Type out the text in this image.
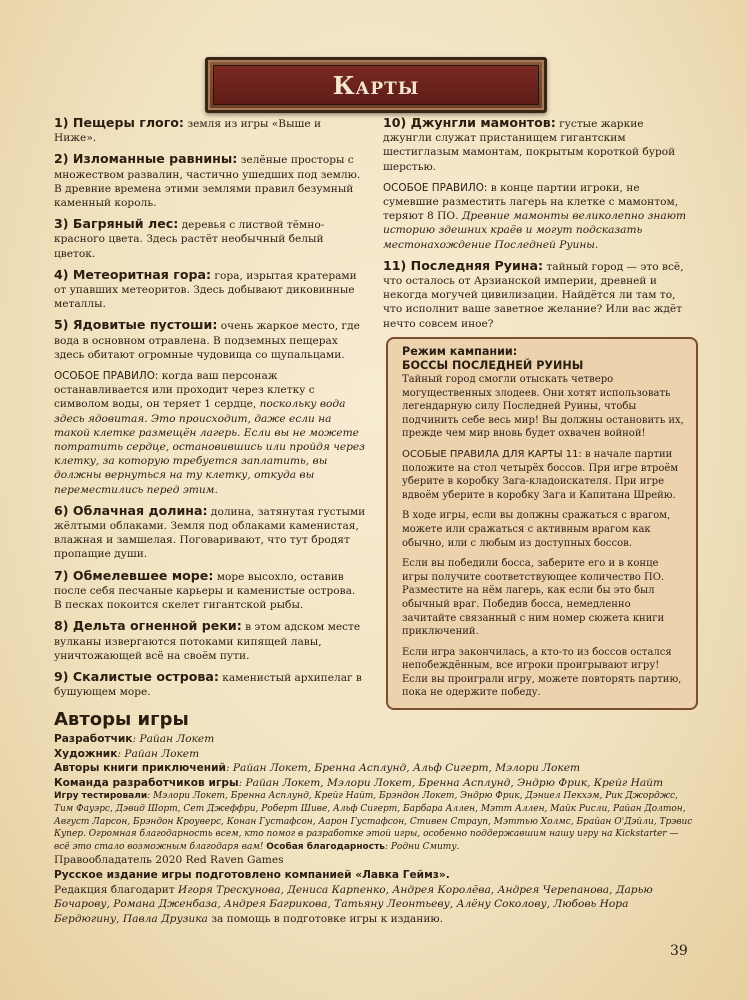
Карты

1) Пещеры глого: земля из игры «Выше и Ниже».

2) Изломанные равнины: зелёные просторы с множеством развалин, частично ушедших под землю. В древние времена этими землями правил безумный каменный король.

3) Багряный лес: деревья с листвой тёмно-красного цвета. Здесь растёт необычный белый цветок.

4) Метеоритная гора: гора, изрытая кратерами от упавших метеоритов. Здесь добывают диковинные металлы.

5) Ядовитые пустоши: очень жаркое место, где вода в основном отравлена. В подземных пещерах здесь обитают огромные чудовища со щупальцами.

ОСОБОЕ ПРАВИЛО: когда ваш персонаж останавливается или проходит через клетку с символом воды, он теряет 1 сердце, поскольку вода здесь ядовитая. Это происходит, даже если на такой клетке размещён лагерь. Если вы не можете потратить сердце, остановившись или пройдя через клетку, за которую требуется заплатить, вы должны вернуться на ту клетку, откуда вы переместились перед этим.

6) Облачная долина: долина, затянутая густыми жёлтыми облаками. Земля под облаками каменистая, влажная и замшелая. Поговаривают, что тут бродят пропащие души.

7) Обмелевшее море: море высохло, оставив после себя песчаные карьеры и каменистые острова. В песках покоится скелет гигантской рыбы.

8) Дельта огненной реки: в этом адском месте вулканы извергаются потоками кипящей лавы, уничтожающей всё на своём пути.

9) Скалистые острова: каменистый архипелаг в бушующем море.

10) Джунгли мамонтов: густые жаркие джунгли служат пристанищем гигантским шестиглазым мамонтам, покрытым короткой бурой шерстью.

ОСОБОЕ ПРАВИЛО: в конце партии игроки, не сумевшие разместить лагерь на клетке с мамонтом, теряют 8 ПО. Древние мамонты великолепно знают историю здешних краёв и могут подсказать местонахождение Последней Руины.

11) Последняя Руина: тайный город — это всё, что осталось от Арзианской империи, древней и некогда могучей цивилизации. Найдётся ли там то, что исполнит ваше заветное желание? Или вас ждёт нечто совсем иное?

Режим кампании:
БОССЫ ПОСЛЕДНЕЙ РУИНЫ

Тайный город смогли отыскать четверо могущественных злодеев. Они хотят использовать легендарную силу Последней Руины, чтобы подчинить себе весь мир! Вы должны остановить их, прежде чем мир вновь будет охвачен войной!

ОСОБЫЕ ПРАВИЛА ДЛЯ КАРТЫ 11: в начале партии положите на стол четырёх боссов. При игре втроём уберите в коробку Зага-кладоискателя. При игре вдвоём уберите в коробку Зага и Капитана Шрейю.

В ходе игры, если вы должны сражаться с врагом, можете или сражаться с активным врагом как обычно, или с любым из доступных боссов.

Если вы победили босса, заберите его и в конце игры получите соответствующее количество ПО. Разместите на нём лагерь, как если бы это был обычный враг. Победив босса, немедленно зачитайте связанный с ним номер сюжета книги приключений.

Если игра закончилась, а кто-то из боссов остался непобеждённым, все игроки проигрывают игру! Если вы проиграли игру, можете повторять партию, пока не одержите победу.

Авторы игры

Разработчик: Райан Локет

Художник: Райан Локет

Авторы книги приключений: Райан Локет, Бренна Асплунд, Альф Сигерт, Мэлори Локет

Команда разработчиков игры: Райан Локет, Мэлори Локет, Бренна Асплунд, Эндрю Фрик, Крейг Найт

Игру тестировали: Мэлори Локет, Бренна Асплунд, Крейг Найт, Брэндон Локет, Эндрю Фрик, Дэниел Пекхэм, Рик Джорджс, Тим Фауэрс, Дэвид Шорт, Сет Джеффри, Роберт Шиве, Альф Сигерт, Барбара Аллен, Мэтт Аллен, Майк Рисли, Райан Долтон, Август Ларсон, Брэндон Кроуверс, Конан Густафсон, Аарон Густафсон, Стивен Страуп, Мэттью Холмс, Брайан О'Дэйли, Трэвис Купер. Огромная благодарность всем, кто помог в разработке этой игры, особенно поддержавшим нашу игру на Kickstarter — всё это стало возможным благодаря вам! Особая благодарность: Родни Смиту.

Правообладатель 2020 Red Raven Games

Русское издание игры подготовлено компанией «Лавка Геймз».

Редакция благодарит Игоря Трескунова, Дениса Карпенко, Андрея Королёва, Андрея Черепанова, Дарью Бочарову, Романа Дженбаза, Андрея Багрикова, Татьяну Леонтьеву, Алёну Соколову, Любовь Нора Бердюгину, Павла Друзика за помощь в подготовке игры к изданию.

39
